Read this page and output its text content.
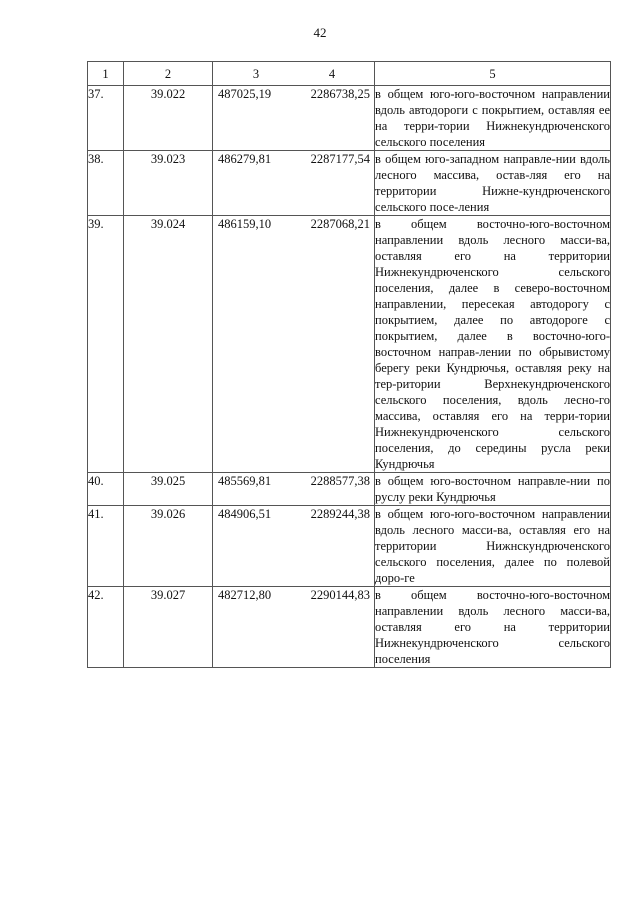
42
1	2	3 4	5
37.	39.022	487025,19 2286738,25	в общем юго-юго-восточном направлении вдоль автодороги с покрытием, оставляя ее на терри-тории Нижнекундрюченского сельского поселения
38.	39.023	486279,81 2287177,54	в общем юго-западном направле-нии вдоль лесного массива, остав-ляя его на территории Нижне-кундрюченского сельского посе-ления
39.	39.024	486159,10 2287068,21	в общем восточно-юго-восточном направлении вдоль лесного масси-ва, оставляя его на территории Нижнекундрюченского сельского поселения, далее в северо-восточном направлении, пересекая автодорогу с покрытием, далее по автодороге с покрытием, далее в восточно-юго-восточном направ-лении по обрывистому берегу реки Кундрючья, оставляя реку на тер-ритории Верхнекундрюченского сельского поселения, вдоль лесно-го массива, оставляя его на терри-тории Нижнекундрюченского сельского поселения, до середины русла реки Кундрючья
40.	39.025	485569,81 2288577,38	в общем юго-восточном направле-нии по руслу реки Кундрючья
41.	39.026	484906,51 2289244,38	в общем юго-юго-восточном направлении вдоль лесного масси-ва, оставляя его на территории Нижнскундрюченского сельского поселения, далее по полевой доро-ге
42.	39.027	482712,80 2290144,83	в общем восточно-юго-восточном направлении вдоль лесного масси-ва, оставляя его на территории Нижнекундрюченского сельского поселения
